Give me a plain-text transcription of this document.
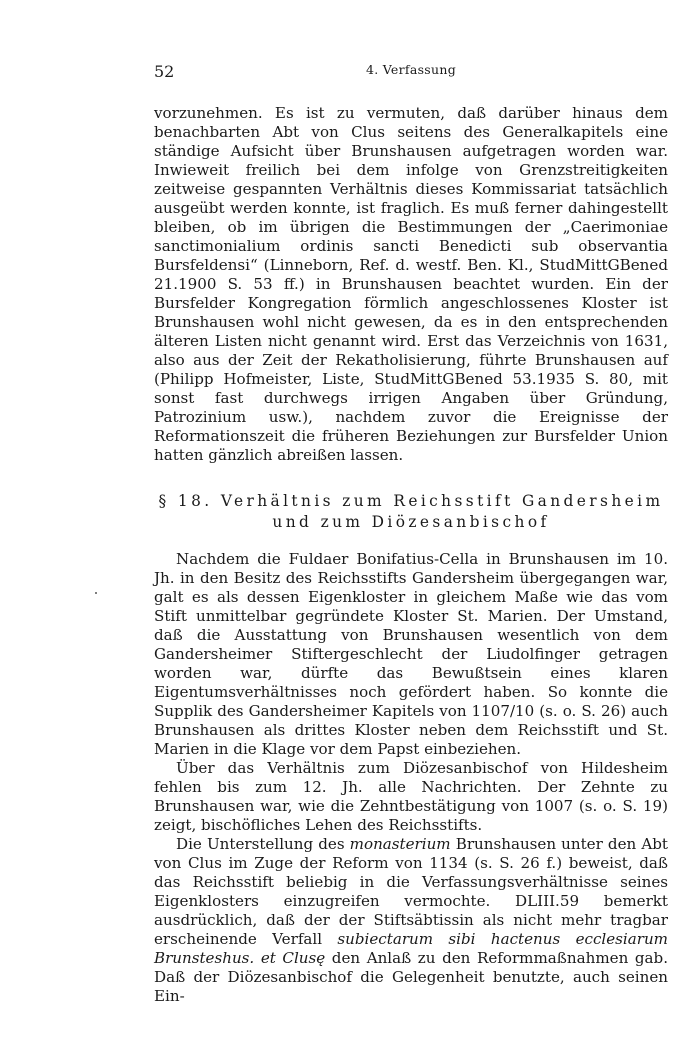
52	4. Verfassung

vorzunehmen. Es ist zu vermuten, daß darüber hinaus dem benachbarten Abt von Clus seitens des Generalkapitels eine ständige Aufsicht über Brunshausen aufgetragen worden war. Inwieweit freilich bei dem infolge von Grenzstreitigkeiten zeitweise gespannten Verhältnis dieses Kommissariat tatsächlich ausgeübt werden konnte, ist fraglich. Es muß ferner dahingestellt bleiben, ob im übrigen die Bestimmungen der „Caerimoniae sanctimonialium ordinis sancti Benedicti sub observantia Bursfeldensi“ (Linneborn, Ref. d. westf. Ben. Kl., StudMittGBened 21.1900 S. 53 ff.) in Brunshausen beachtet wurden. Ein der Bursfelder Kongregation förmlich angeschlossenes Kloster ist Brunshausen wohl nicht gewesen, da es in den entsprechenden älteren Listen nicht genannt wird. Erst das Verzeichnis von 1631, also aus der Zeit der Rekatholisierung, führte Brunshausen auf (Philipp Hofmeister, Liste, StudMittGBened 53.1935 S. 80, mit sonst fast durchwegs irrigen Angaben über Gründung, Patrozinium usw.), nachdem zuvor die Ereignisse der Reformationszeit die früheren Beziehungen zur Bursfelder Union hatten gänzlich abreißen lassen.

§ 18. Verhältnis zum Reichsstift Gandersheim
und zum Diözesanbischof

Nachdem die Fuldaer Bonifatius-Cella in Brunshausen im 10. Jh. in den Besitz des Reichsstifts Gandersheim übergegangen war, galt es als dessen Eigenkloster in gleichem Maße wie das vom Stift unmittelbar gegründete Kloster St. Marien. Der Umstand, daß die Ausstattung von Brunshausen wesentlich von dem Gandersheimer Stiftergeschlecht der Liudolfinger getragen worden war, dürfte das Bewußtsein eines klaren Eigentumsverhältnisses noch gefördert haben. So konnte die Supplik des Gandersheimer Kapitels von 1107/10 (s. o. S. 26) auch Brunshausen als drittes Kloster neben dem Reichsstift und St. Marien in die Klage vor dem Papst einbeziehen.

Über das Verhältnis zum Diözesanbischof von Hildesheim fehlen bis zum 12. Jh. alle Nachrichten. Der Zehnte zu Brunshausen war, wie die Zehntbestätigung von 1007 (s. o. S. 19) zeigt, bischöfliches Lehen des Reichsstifts.

Die Unterstellung des monasterium Brunshausen unter den Abt von Clus im Zuge der Reform von 1134 (s. S. 26 f.) beweist, daß das Reichsstift beliebig in die Verfassungsverhältnisse seines Eigenklosters einzugreifen vermochte. DLIII.59 bemerkt ausdrücklich, daß der der Stiftsäbtissin als nicht mehr tragbar erscheinende Verfall subiectarum sibi hactenus ecclesiarum Brunsteshus. et Clusę den Anlaß zu den Reformmaßnahmen gab. Daß der Diözesanbischof die Gelegenheit benutzte, auch seinen Ein-
